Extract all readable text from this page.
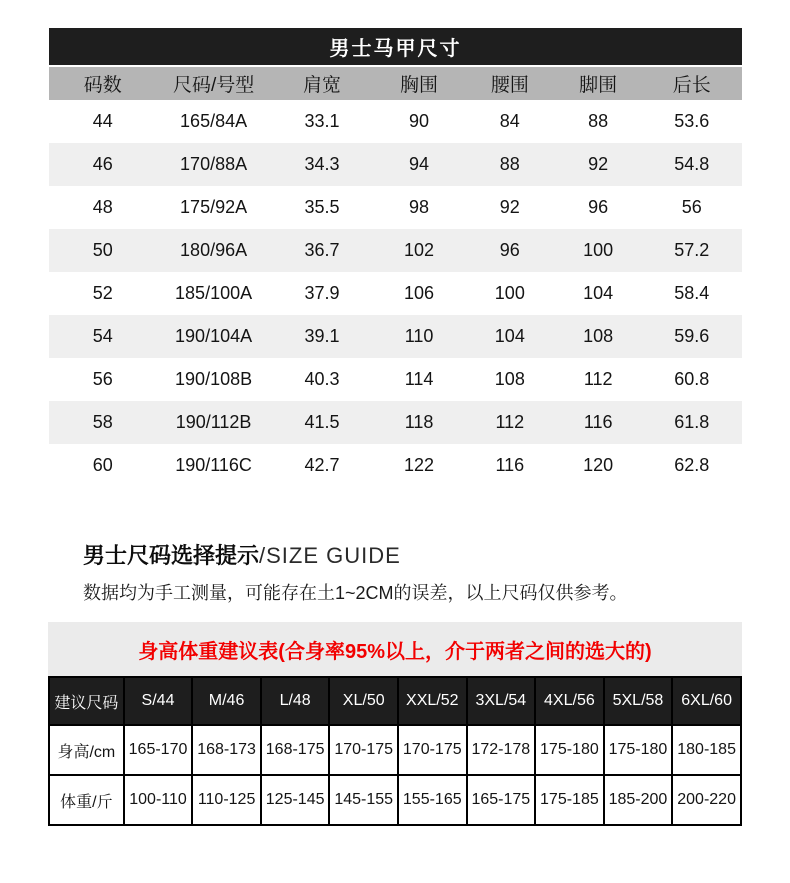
男士马甲尺寸
码数	尺码/号型	肩宽	胸围	腰围	脚围	后长
44	165/84A	33.1	90	84	88	53.6
46	170/88A	34.3	94	88	92	54.8
48	175/92A	35.5	98	92	96	56
50	180/96A	36.7	102	96	100	57.2
52	185/100A	37.9	106	100	104	58.4
54	190/104A	39.1	110	104	108	59.6
56	190/108B	40.3	114	108	112	60.8
58	190/112B	41.5	118	112	116	61.8
60	190/116C	42.7	122	116	120	62.8
男士尺码选择提示 /SIZE GUIDE

数据均为手工测量，可能存在土1~2CM的误差，以上尺码仅供参考。

身高体重建议表(合身率95%以上，介于两者之间的选大的)
建议尺码	S/44	M/46	L/48	XL/50	XXL/52	3XL/54	4XL/56	5XL/58	6XL/60
身高/cm	165-170	168-173	168-175	170-175	170-175	172-178	175-180	175-180	180-185
体重/斤	100-110	110-125	125-145	145-155	155-165	165-175	175-185	185-200	200-220
